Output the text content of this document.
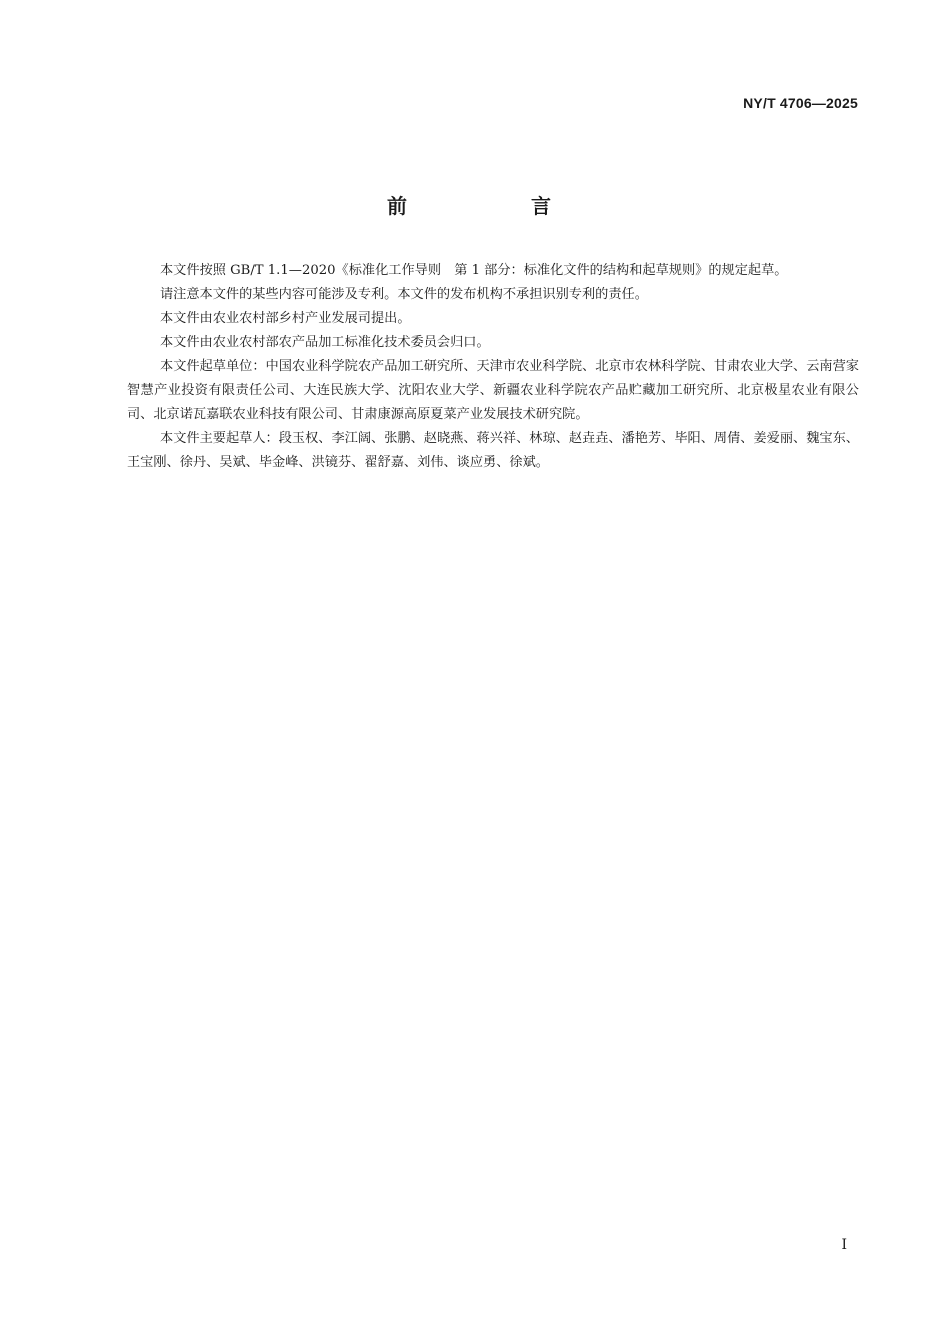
NY/T 4706—2025
前　言

本文件按照 GB/T 1.1—2020《标准化工作导则　第 1 部分：标准化文件的结构和起草规则》的规定起草。

请注意本文件的某些内容可能涉及专利。本文件的发布机构不承担识别专利的责任。

本文件由农业农村部乡村产业发展司提出。

本文件由农业农村部农产品加工标准化技术委员会归口。

本文件起草单位：中国农业科学院农产品加工研究所、天津市农业科学院、北京市农林科学院、甘肃农业大学、云南营家智慧产业投资有限责任公司、大连民族大学、沈阳农业大学、新疆农业科学院农产品贮藏加工研究所、北京极星农业有限公司、北京诺瓦嘉联农业科技有限公司、甘肃康源高原夏菜产业发展技术研究院。

本文件主要起草人：段玉权、李江阔、张鹏、赵晓燕、蒋兴祥、林琼、赵垚垚、潘艳芳、毕阳、周倩、姜爱丽、魏宝东、王宝刚、徐丹、吴斌、毕金峰、洪镜芬、翟舒嘉、刘伟、谈应勇、徐斌。

I
